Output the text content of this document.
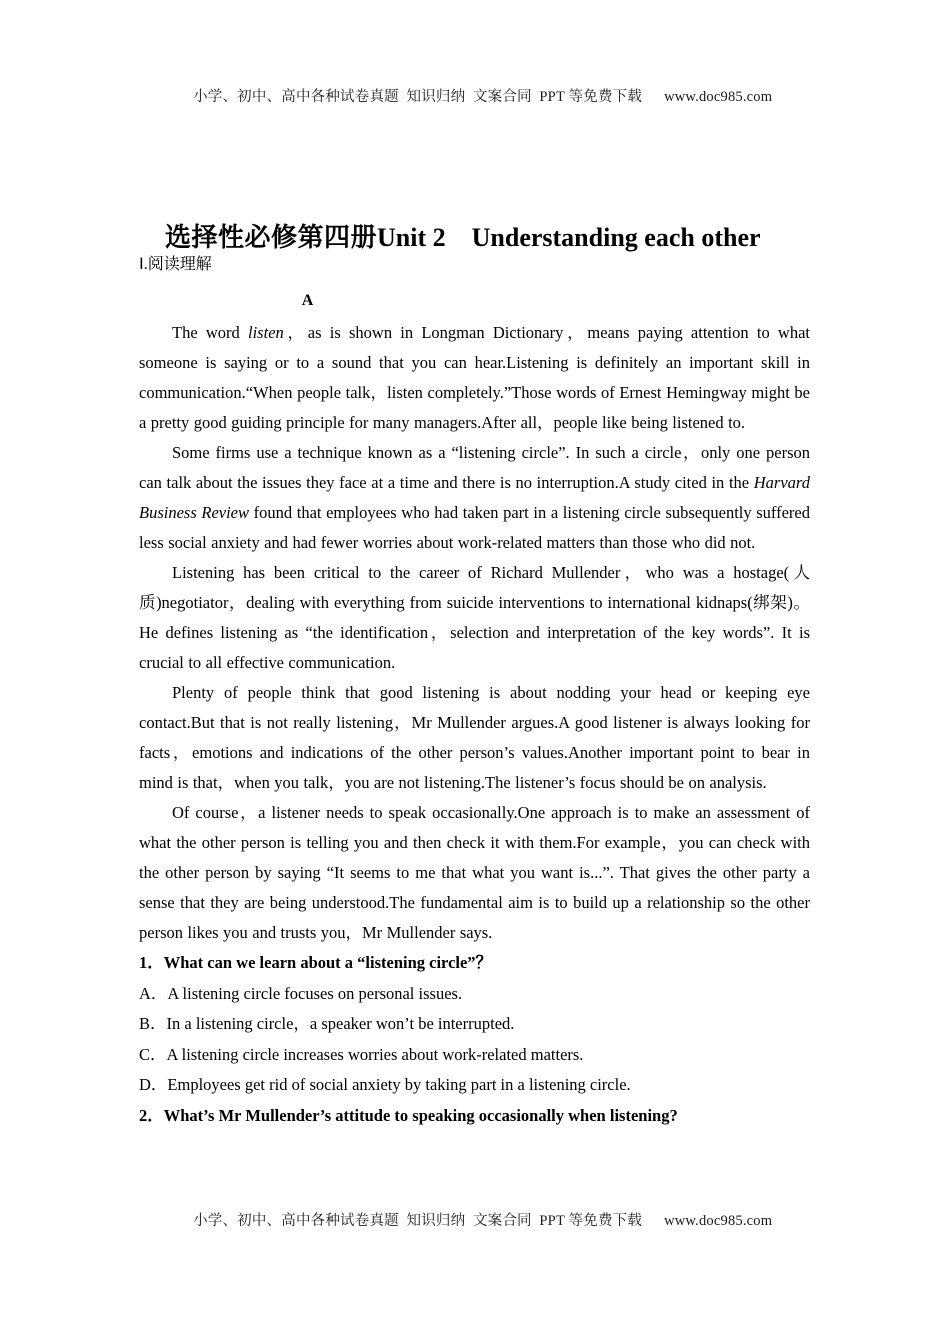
小学、初中、高中各种试卷真题  知识归纳  文案合同  PPT 等免费下载 www.doc985.com

选择性必修第四册Unit 2　Understanding each other

Ⅰ.阅读理解

A

The word listen，as is shown in Longman Dictionary，means paying attention to what someone is saying or to a sound that you can hear.Listening is definitely an important skill in communication.“When people talk，listen completely.”Those words of Ernest Hemingway might be a pretty good guiding principle for many managers.After all，people like being listened to.

Some firms use a technique known as a “listening circle”. In such a circle，only one person can talk about the issues they face at a time and there is no interruption.A study cited in the Harvard Business Review found that employees who had taken part in a listening circle subsequently suffered less social anxiety and had fewer worries about work-related matters than those who did not.

Listening has been critical to the career of Richard Mullender，who was a hostage(人质)negotiator，dealing with everything from suicide interventions to international kidnaps(绑架)。He defines listening as “the identification，selection and interpretation of the key words”. It is crucial to all effective communication.

Plenty of people think that good listening is about nodding your head or keeping eye contact.But that is not really listening，Mr Mullender argues.A good listener is always looking for facts，emotions and indications of the other person’s values.Another important point to bear in mind is that，when you talk，you are not listening.The listener’s focus should be on analysis.

Of course，a listener needs to speak occasionally.One approach is to make an assessment of what the other person is telling you and then check it with them.For example，you can check with the other person by saying “It seems to me that what you want is...”. That gives the other party a sense that they are being understood.The fundamental aim is to build up a relationship so the other person likes you and trusts you，Mr Mullender says.

1．What can we learn about a “listening circle”？

A．A listening circle focuses on personal issues.

B．In a listening circle，a speaker won’t be interrupted.

C．A listening circle increases worries about work-related matters.

D．Employees get rid of social anxiety by taking part in a listening circle.

2．What’s Mr Mullender’s attitude to speaking occasionally when listening?

小学、初中、高中各种试卷真题  知识归纳  文案合同  PPT 等免费下载 www.doc985.com
